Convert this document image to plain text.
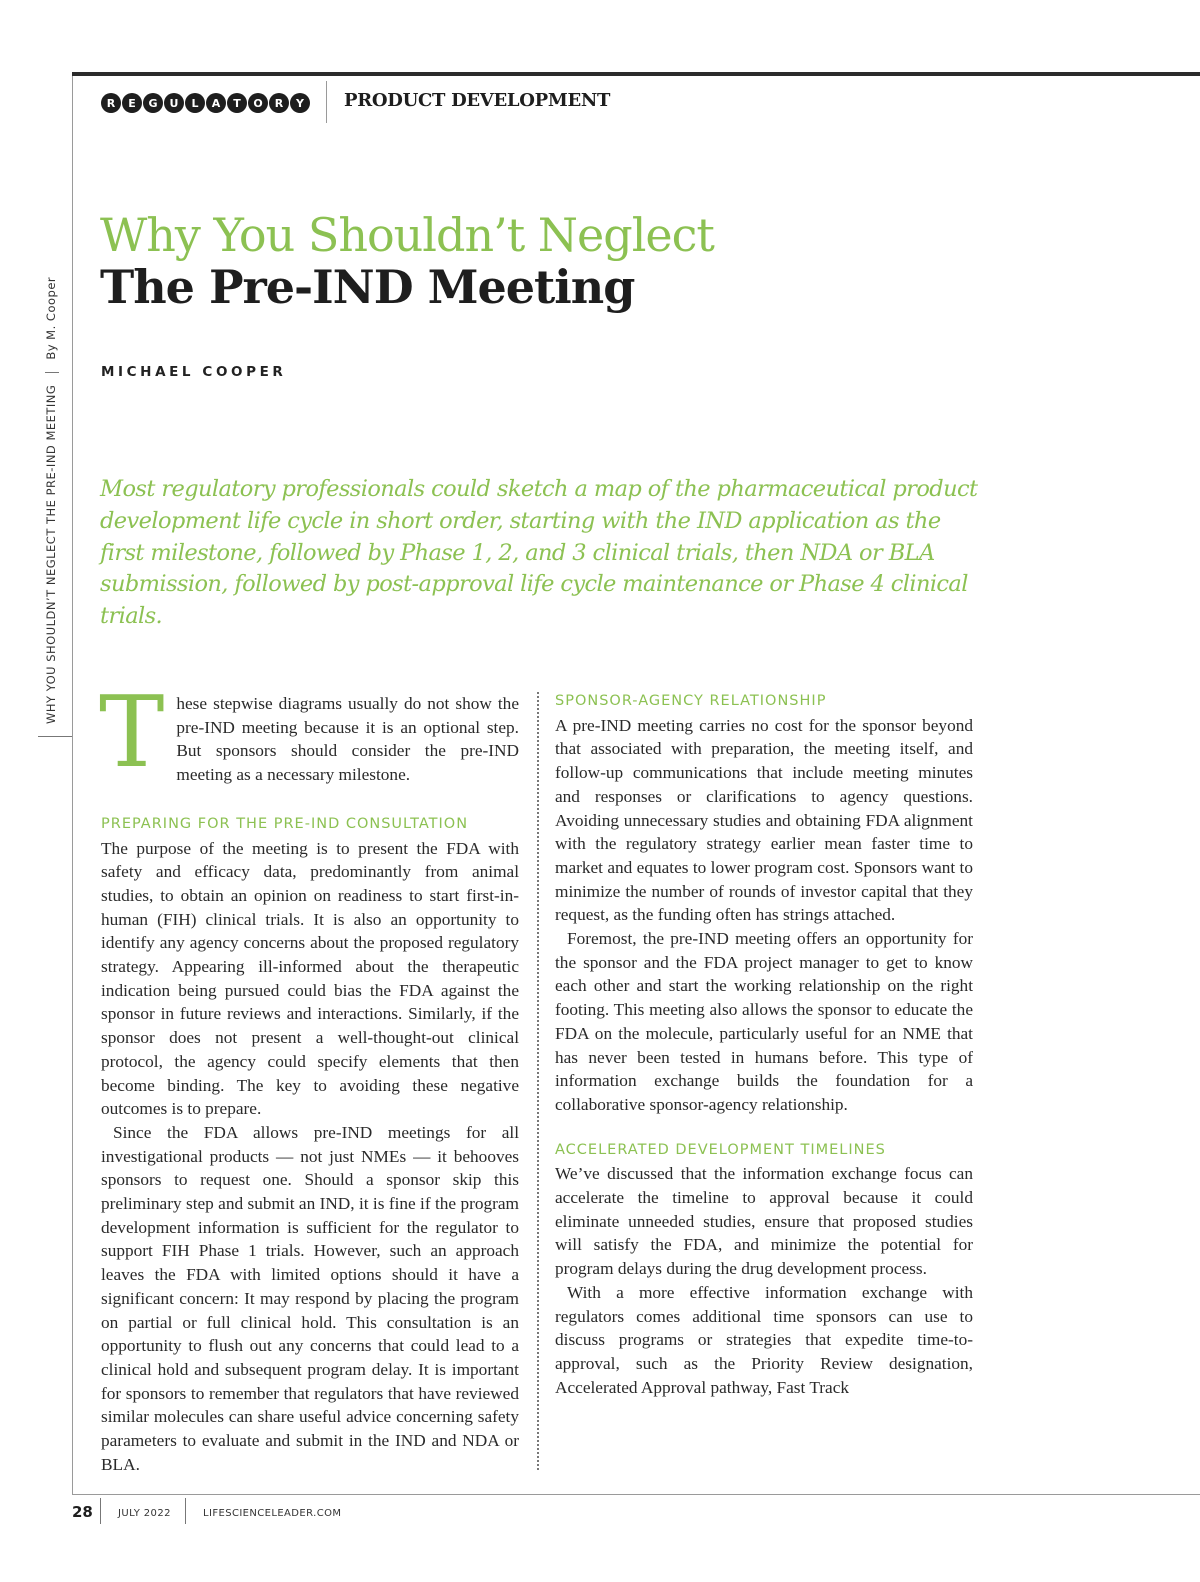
R	E	G	U	L	A	T	O	R	Y	PRODUCT DEVELOPMENT
WHY YOU SHOULDN’T NEGLECT THE PRE-IND MEETINGBy M. Cooper
Why You Shouldn’t Neglect
The Pre-IND Meeting
MICHAEL COOPER
Most regulatory professionals could sketch a map of the pharmaceutical product development life cycle in short order, starting with the IND application as the first milestone, followed by Phase 1, 2, and 3 clinical trials, then NDA or BLA submission, followed by post-approval life cycle maintenance or Phase 4 clinical trials.
T hese stepwise diagrams usually do not show the pre-IND meeting because it is an optional step. But sponsors should consider the pre-IND meeting as a necessary milestone.

PREPARING FOR THE PRE-IND CONSULTATION

The purpose of the meeting is to present the FDA with safety and efficacy data, predominantly from animal studies, to obtain an opinion on readiness to start first-in-human (FIH) clinical trials. It is also an opportunity to identify any agency concerns about the proposed regulatory strategy. Appearing ill-informed about the therapeutic indication being pursued could bias the FDA against the sponsor in future reviews and interactions. Similarly, if the sponsor does not present a well-thought-out clinical protocol, the agency could specify elements that then become binding. The key to avoiding these negative outcomes is to prepare.

Since the FDA allows pre-IND meetings for all investigational products — not just NMEs — it behooves sponsors to request one. Should a sponsor skip this preliminary step and submit an IND, it is fine if the program development information is sufficient for the regulator to support FIH Phase 1 trials. However, such an approach leaves the FDA with limited options should it have a significant concern: It may respond by placing the program on partial or full clinical hold. This consultation is an opportunity to flush out any concerns that could lead to a clinical hold and subsequent program delay. It is important for sponsors to remember that regulators that have reviewed similar molecules can share useful advice concerning safety parameters to evaluate and submit in the IND and NDA or BLA.

SPONSOR-AGENCY RELATIONSHIP

A pre-IND meeting carries no cost for the sponsor beyond that associated with preparation, the meeting itself, and follow-up communications that include meeting minutes and responses or clarifications to agency questions. Avoiding unnecessary studies and obtaining FDA alignment with the regulatory strategy earlier mean faster time to market and equates to lower program cost. Sponsors want to minimize the number of rounds of investor capital that they request, as the funding often has strings attached.

Foremost, the pre-IND meeting offers an opportunity for the sponsor and the FDA project manager to get to know each other and start the working relationship on the right footing. This meeting also allows the sponsor to educate the FDA on the molecule, particularly useful for an NME that has never been tested in humans before. This type of information exchange builds the foundation for a collaborative sponsor-agency relationship.

ACCELERATED DEVELOPMENT TIMELINES

We’ve discussed that the information exchange focus can accelerate the timeline to approval because it could eliminate unneeded studies, ensure that proposed studies will satisfy the FDA, and minimize the potential for program delays during the drug development process.

With a more effective information exchange with regulators comes additional time sponsors can use to discuss programs or strategies that expedite time-to-approval, such as the Priority Review designation, Accelerated Approval pathway, Fast Track

28	JULY 2022	LIFESCIENCELEADER.COM
